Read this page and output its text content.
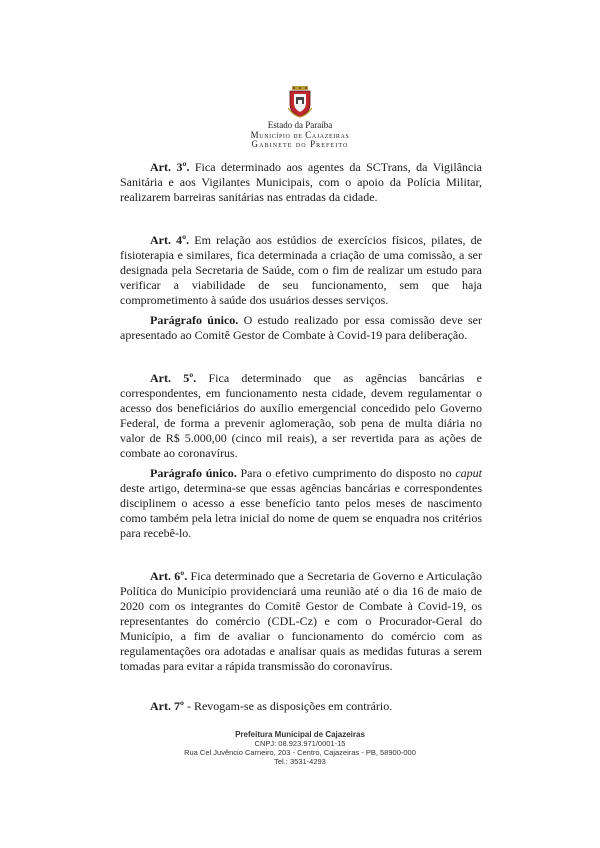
Estado da Paraíba
Município de Cajazeiras
Gabinete do Prefeito

Art. 3º. Fica determinado aos agentes da SCTrans, da Vigilância Sanitária e aos Vigilantes Municipais, com o apoio da Polícia Militar, realizarem barreiras sanitárias nas entradas da cidade.

Art. 4º. Em relação aos estúdios de exercícios físicos, pilates, de fisioterapia e similares, fica determinada a criação de uma comissão, a ser designada pela Secretaria de Saúde, com o fim de realizar um estudo para verificar a viabilidade de seu funcionamento, sem que haja comprometimento à saúde dos usuários desses serviços.

Parágrafo único. O estudo realizado por essa comissão deve ser apresentado ao Comitê Gestor de Combate à Covid-19 para deliberação.

Art. 5º. Fica determinado que as agências bancárias e correspondentes, em funcionamento nesta cidade, devem regulamentar o acesso dos beneficiários do auxílio emergencial concedido pelo Governo Federal, de forma a prevenir aglomeração, sob pena de multa diária no valor de R$ 5.000,00 (cinco mil reais), a ser revertida para as ações de combate ao coronavírus.

Parágrafo único. Para o efetivo cumprimento do disposto no caput deste artigo, determina-se que essas agências bancárias e correspondentes disciplinem o acesso a esse benefício tanto pelos meses de nascimento como também pela letra inicial do nome de quem se enquadra nos critérios para recebê-lo.

Art. 6º. Fica determinado que a Secretaria de Governo e Articulação Política do Município providenciará uma reunião até o dia 16 de maio de 2020 com os integrantes do Comitê Gestor de Combate à Covid-19, os representantes do comércio (CDL-Cz) e com o Procurador-Geral do Município, a fim de avaliar o funcionamento do comércio com as regulamentações ora adotadas e analisar quais as medidas futuras a serem tomadas para evitar a rápida transmissão do coronavírus.

Art. 7º - Revogam-se as disposições em contrário.

Prefeitura Municipal de Cajazeiras
CNPJ: 08.923.971/0001-15
Rua Cel Juvêncio Carneiro, 203 - Centro, Cajazeiras - PB, 58900-000
Tel.: 3531-4293
